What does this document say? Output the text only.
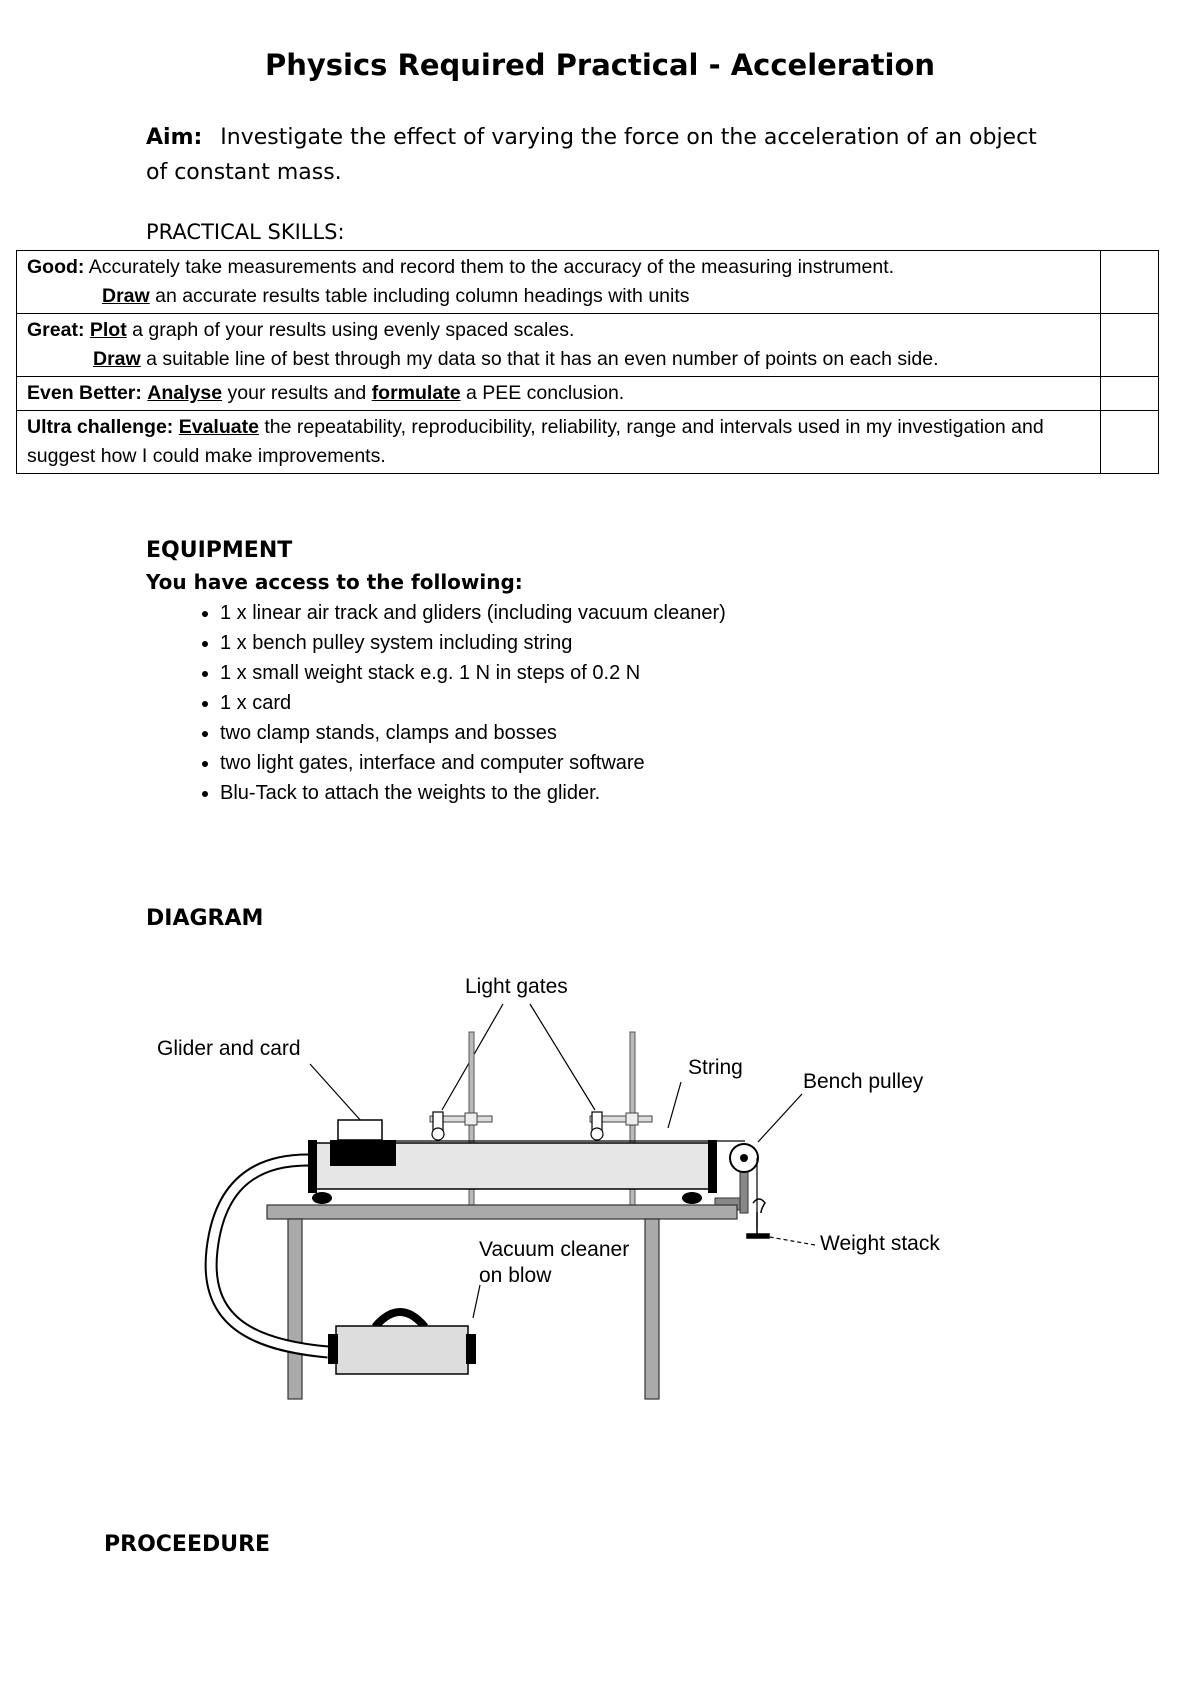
Physics Required Practical - Acceleration
Aim: Investigate the effect of varying the force on the acceleration of an object of constant mass.
PRACTICAL SKILLS:
Good: Accurately take measurements and record them to the accuracy of the measuring instrument.
Draw an accurate results table including column headings with units	

Great: Plot a graph of your results using evenly spaced scales.
Draw a suitable line of best through my data so that it has an even number of points on each side.	

Even Better: Analyse your results and formulate a PEE conclusion.	
Ultra challenge: Evaluate the repeatability, reproducibility, reliability, range and intervals used in my investigation and suggest how I could make improvements.	
EQUIPMENT
You have access to the following:
• 1 x linear air track and gliders (including vacuum cleaner)
• 1 x bench pulley system including string
• 1 x small weight stack e.g. 1 N in steps of 0.2 N
• 1 x card
• two clamp stands, clamps and bosses
• two light gates, interface and computer software
• Blu-Tack to attach the weights to the glider.
DIAGRAM
Light gates
Glider and card
String
Bench pulley
Weight stack
Vacuum cleaner
on blow
PROCEEDURE
